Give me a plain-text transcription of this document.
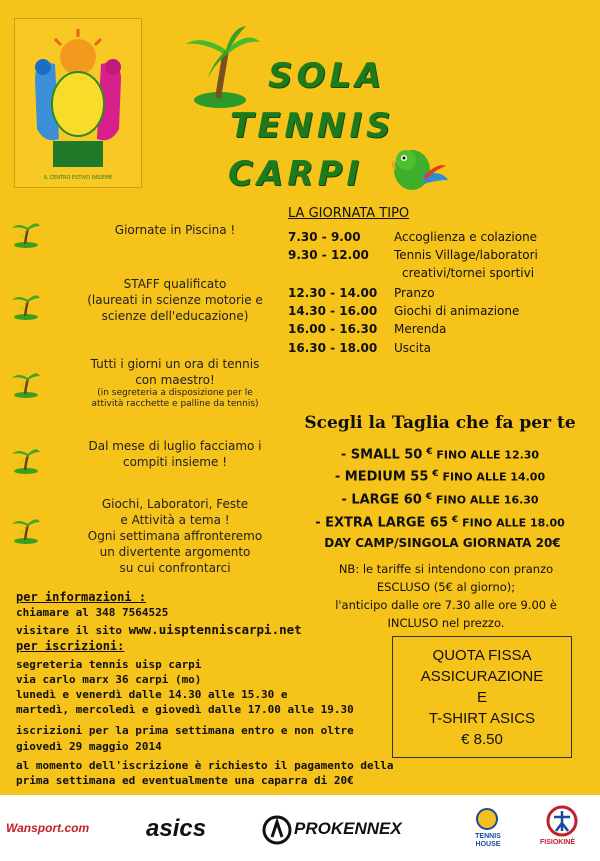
IL CENTRO ESTIVO INSIEME
SOLA
TENNIS
CARPI
Giornate in Piscina !
STAFF qualificato
(laureati in scienze motorie e
scienze dell'educazione)
Tutti i giorni un ora di tennis
con maestro!
(in segreteria a disposizione per le
attività racchette e palline da tennis)
Dal mese di luglio facciamo i
compiti insieme !
Giochi, Laboratori, Feste
e Attività a tema !
Ogni settimana affronteremo
un divertente argomento
su cui confrontarci
LA GIORNATA TIPO
7.30 - 9.00	Accoglienza e colazione
9.30 - 12.00 Tennis Village/laboratori
creativi/tornei sportivi
12.30 - 14.00 Pranzo
14.30 - 16.00 Giochi di animazione
16.00 - 16.30 Merenda
16.30 - 18.00 Uscita
Scegli la Taglia che fa per te
- SMALL 50 € FINO ALLE 12.30
- MEDIUM 55 € FINO ALLE 14.00
- LARGE 60 € FINO ALLE 16.30
- EXTRA LARGE 65 € FINO ALLE 18.00
DAY CAMP/SINGOLA GIORNATA 20€
NB: le tariffe si intendono con pranzo
ESCLUSO (5€ al giorno);
l'anticipo dalle ore 7.30 alle ore 9.00 è
INCLUSO nel prezzo.
QUOTA FISSA
ASSICURAZIONE
E
T-SHIRT ASICS
€ 8.50
per informazioni :
chiamare al 348 7564525
visitare il sito www.uisptenniscarpi.net
per iscrizioni:
segreteria tennis uisp carpi
via carlo marx 36 carpi (mo)
lunedì e venerdì dalle 14.30 alle 15.30 e
martedì, mercoledì e giovedì dalle 17.00 alle 19.30
iscrizioni per la prima settimana entro e non oltre
giovedì 29 maggio 2014
al momento dell'iscrizione è richiesto il pagamento della
prima settimana ed eventualmente una caparra di 20€
Wansport.com asics	PROKENNEX	TENNIS HOUSE	FISIOKINÈ
